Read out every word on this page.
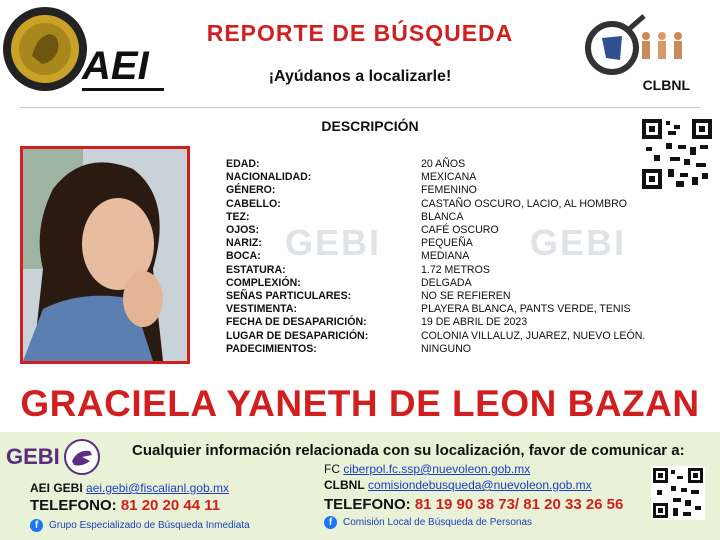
GEBI	GEBI
AEI
REPORTE DE BÚSQUEDA
¡Ayúdanos a localizarle!	CLBNL
DESCRIPCIÓN
EDAD:	20 AÑOS
NACIONALIDAD:	MEXICANA
GÉNERO:	FEMENINO
CABELLO:	CASTAÑO OSCURO, LACIO, AL HOMBRO
TEZ:	BLANCA
OJOS:	CAFÉ OSCURO
NARIZ:	PEQUEÑA
BOCA:	MEDIANA
ESTATURA:	1.72 METROS
COMPLEXIÓN:	DELGADA
SEÑAS PARTICULARES:	NO SE REFIEREN
VESTIMENTA:	PLAYERA BLANCA, PANTS VERDE, TENIS
FECHA DE DESAPARICIÓN:	19 DE ABRIL DE 2023
LUGAR DE DESAPARICIÓN:	COLONIA VILLALUZ, JUAREZ, NUEVO LEÓN.
PADECIMIENTOS:	NINGUNO
GRACIELA YANETH DE LEON BAZAN
GEBI	Cualquier información relacionada con su localización, favor de comunicar a:
AEI GEBI aei.gebi@fiscalianl.gob.mx
TELEFONO: 81 20 20 44 11
f	Grupo Especializado de Búsqueda Inmediata
FC ciberpol.fc.ssp@nuevoleon.gob.mx
CLBNL comisiondebusqueda@nuevoleon.gob.mx
TELEFONO: 81 19 90 38 73/ 81 20 33 26 56
f	Comisión Local de Búsqueda de Personas
